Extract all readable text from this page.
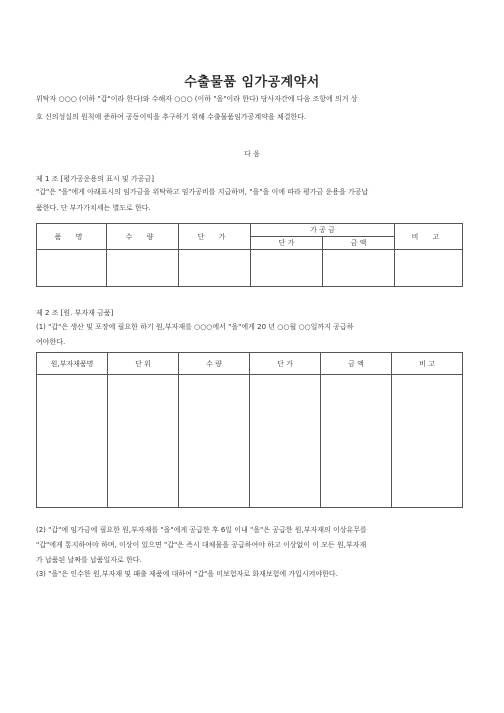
수출물품 임가공계약서
위탁자 ○○○ (이하 "갑"이라 한다)와 수해자 ○○○ (이하 "을"이라 한다) 당사자간에 다음 조항에 의거 상
호 신의성실의 원칙에 준하여 공동이익을 추구하기 위해 수출물품임가공계약을 체결한다.
다 음
제 1 조 [평가공운용의 표시 및 가공금]
"갑"은 "을"에게 아래표시의 임가금을 위탁하고 임가공비를 지급하며, "을"을 이에 따라 평가금 운용을 가공납
품한다. 단 부가가치세는 별도로 한다.
품 명	수 량	단 가	가 공 금		비 고
			단 가	금 액	

제 2 조 [원. 부자재 금품]
(1) "갑"은 생산 및 포장에 필요한 하기 원,부자재를 ○○○에서 "을"에게 20 년 ○○월 ○○일까지 공급하
여야한다.
원,부자재품명	단 위	수 량	단 가	금 액	비 고

(2) "갑"에 임가금에 필요한 원,부자재를 "을"에게 공급한 후 6일 이내 "을"은 공급한 원,부자재의 이상유무를
"갑"에게 통지하여야 하며, 이상이 있으면 "갑"은 즉시 대체물을 공급하여야 하고 이상없이 이 모든 원,부자재
가 납품된 날짜를 납품일자로 한다.
(3) "을"은 인수한 원,부자재 및 패출 제품에 대하여 "갑"을 미보험자로 화재보험에 가입시켜야한다.
